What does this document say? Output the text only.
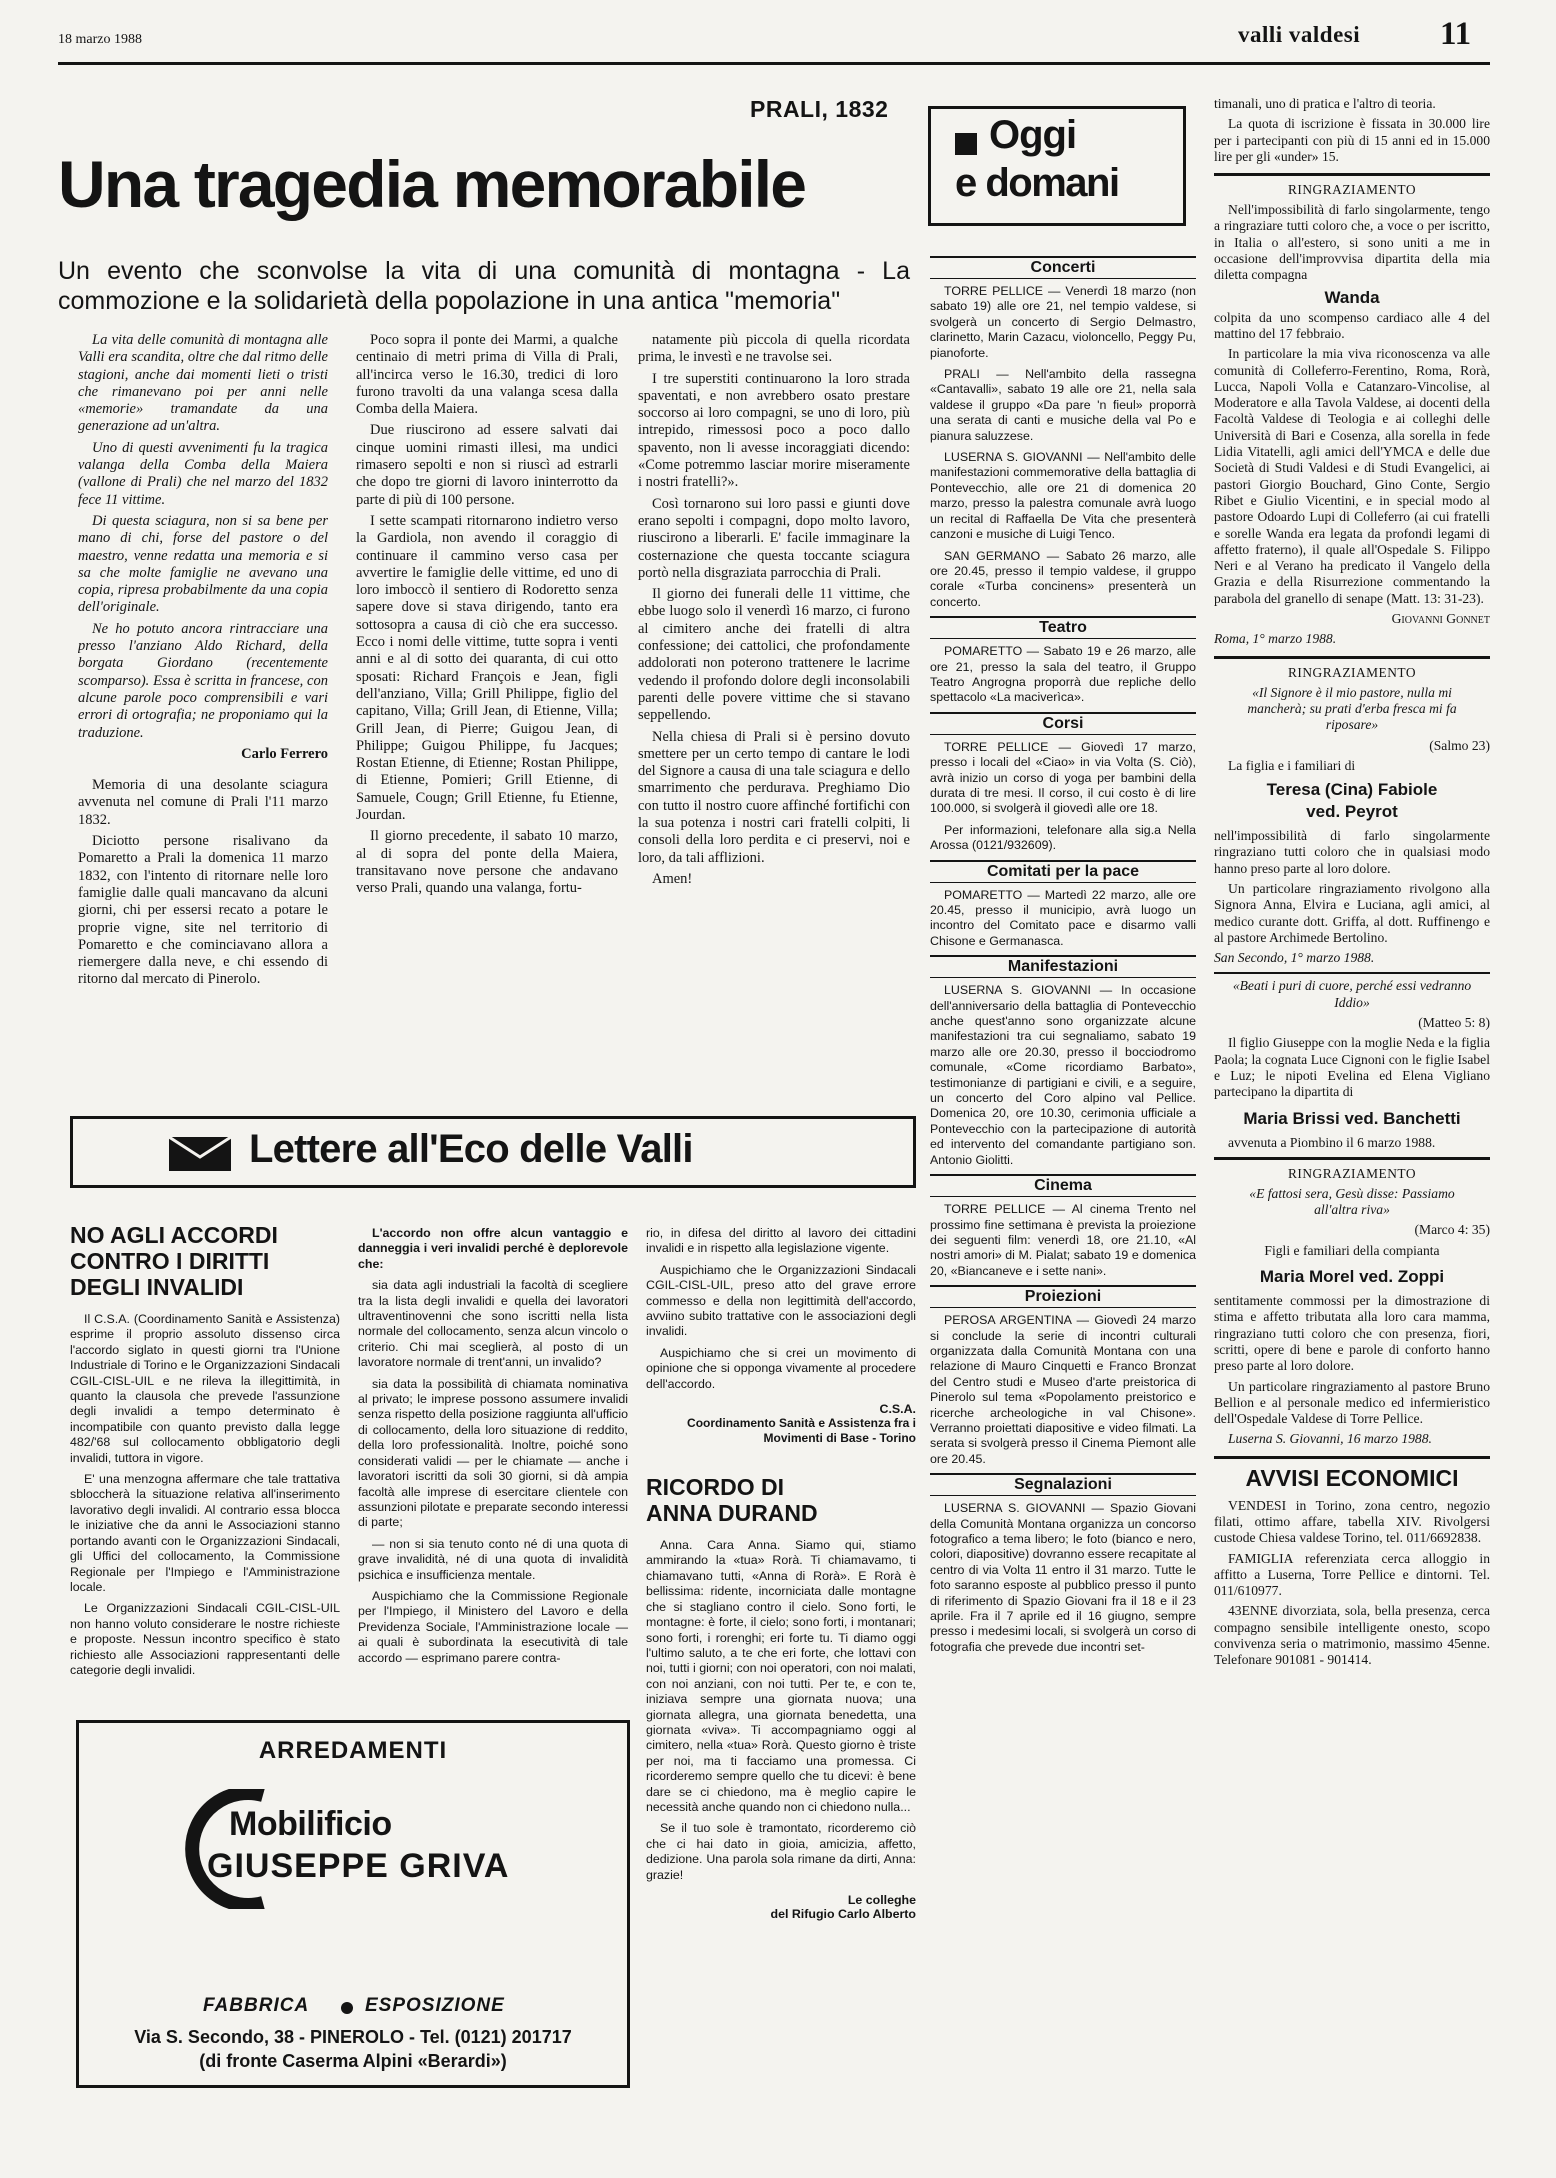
18 marzo 1988	valli valdesi 11
PRALI, 1832
Una tragedia memorabile
Un evento che sconvolse la vita di una comunità di montagna - La commozione e la solidarietà della popolazione in una antica "memoria"

La vita delle comunità di montagna alle Valli era scandita, oltre che dal ritmo delle stagioni, anche dai momenti lieti o tristi che rimanevano poi per anni nelle «memorie» tramandate da una generazione ad un'altra.

Uno di questi avvenimenti fu la tragica valanga della Comba della Maiera (vallone di Prali) che nel marzo del 1832 fece 11 vittime.

Di questa sciagura, non si sa bene per mano di chi, forse del pastore o del maestro, venne redatta una memoria e si sa che molte famiglie ne avevano una copia, ripresa probabilmente da una copia dell'originale.

Ne ho potuto ancora rintracciare una presso l'anziano Aldo Richard, della borgata Giordano (recentemente scomparso). Essa è scritta in francese, con alcune parole poco comprensibili e vari errori di ortografia; ne proponiamo qui la traduzione.

Carlo Ferrero

Memoria di una desolante sciagura avvenuta nel comune di Prali l'11 marzo 1832.

Diciotto persone risalivano da Pomaretto a Prali la domenica 11 marzo 1832, con l'intento di ritornare nelle loro famiglie dalle quali mancavano da alcuni giorni, chi per essersi recato a potare le proprie vigne, site nel territorio di Pomaretto e che cominciavano allora a riemergere dalla neve, e chi essendo di ritorno dal mercato di Pinerolo.

Poco sopra il ponte dei Marmi, a qualche centinaio di metri prima di Villa di Prali, all'incirca verso le 16.30, tredici di loro furono travolti da una valanga scesa dalla Comba della Maiera.

Due riuscirono ad essere salvati dai cinque uomini rimasti illesi, ma undici rimasero sepolti e non si riuscì ad estrarli che dopo tre giorni di lavoro ininterrotto da parte di più di 100 persone.

I sette scampati ritornarono indietro verso la Gardiola, non avendo il coraggio di continuare il cammino verso casa per avvertire le famiglie delle vittime, ed uno di loro imboccò il sentiero di Rodoretto senza sapere dove si stava dirigendo, tanto era sottosopra a causa di ciò che era successo. Ecco i nomi delle vittime, tutte sopra i venti anni e al di sotto dei quaranta, di cui otto sposati: Richard François e Jean, figli dell'anziano, Villa; Grill Philippe, figlio del capitano, Villa; Grill Jean, di Etienne, Villa; Grill Jean, di Pierre; Guigou Jean, di Philippe; Guigou Philippe, fu Jacques; Rostan Etienne, di Etienne; Rostan Philippe, di Etienne, Pomieri; Grill Etienne, di Samuele, Cougn; Grill Etienne, fu Etienne, Jourdan.

Il giorno precedente, il sabato 10 marzo, al di sopra del ponte della Maiera, transitavano nove persone che andavano verso Prali, quando una valanga, fortu-

natamente più piccola di quella ricordata prima, le investì e ne travolse sei.

I tre superstiti continuarono la loro strada spaventati, e non avrebbero osato prestare soccorso ai loro compagni, se uno di loro, più intrepido, rimessosi poco a poco dallo spavento, non li avesse incoraggiati dicendo: «Come potremmo lasciar morire miseramente i nostri fratelli?».

Così tornarono sui loro passi e giunti dove erano sepolti i compagni, dopo molto lavoro, riuscirono a liberarli. E' facile immaginare la costernazione che questa toccante sciagura portò nella disgraziata parrocchia di Prali.

Il giorno dei funerali delle 11 vittime, che ebbe luogo solo il venerdì 16 marzo, ci furono al cimitero anche dei fratelli di altra confessione; dei cattolici, che profondamente addolorati non poterono trattenere le lacrime vedendo il profondo dolore degli inconsolabili parenti delle povere vittime che si stavano seppellendo.

Nella chiesa di Prali si è persino dovuto smettere per un certo tempo di cantare le lodi del Signore a causa di una tale sciagura e dello smarrimento che perdurava. Preghiamo Dio con tutto il nostro cuore affinché fortifichi con la sua potenza i nostri cari fratelli colpiti, li consoli della loro perdita e ci preservi, noi e loro, da tali afflizioni.

Amen!

Oggi
e domani
Concerti

TORRE PELLICE — Venerdì 18 marzo (non sabato 19) alle ore 21, nel tempio valdese, si svolgerà un concerto di Sergio Delmastro, clarinetto, Marin Cazacu, violoncello, Peggy Pu, pianoforte.

PRALI — Nell'ambito della rassegna «Cantavalli», sabato 19 alle ore 21, nella sala valdese il gruppo «Da pare 'n fieul» proporrà una serata di canti e musiche della val Po e pianura saluzzese.

LUSERNA S. GIOVANNI — Nell'ambito delle manifestazioni commemorative della battaglia di Pontevecchio, alle ore 21 di domenica 20 marzo, presso la palestra comunale avrà luogo un recital di Raffaella De Vita che presenterà canzoni e musiche di Luigi Tenco.

SAN GERMANO — Sabato 26 marzo, alle ore 20.45, presso il tempio valdese, il gruppo corale «Turba concinens» presenterà un concerto.

Teatro

POMARETTO — Sabato 19 e 26 marzo, alle ore 21, presso la sala del teatro, il Gruppo Teatro Angrogna proporrà due repliche dello spettacolo «La maciverìca».

Corsi

TORRE PELLICE — Giovedì 17 marzo, presso i locali del «Ciao» in via Volta (S. Ciò), avrà inizio un corso di yoga per bambini della durata di tre mesi. Il corso, il cui costo è di lire 100.000, si svolgerà il giovedì alle ore 18.

Per informazioni, telefonare alla sig.a Nella Arossa (0121/932609).

Comitati per la pace

POMARETTO — Martedì 22 marzo, alle ore 20.45, presso il municipio, avrà luogo un incontro del Comitato pace e disarmo valli Chisone e Germanasca.

Manifestazioni

LUSERNA S. GIOVANNI — In occasione dell'anniversario della battaglia di Pontevecchio anche quest'anno sono organizzate alcune manifestazioni tra cui segnaliamo, sabato 19 marzo alle ore 20.30, presso il bocciodromo comunale, «Come ricordiamo Barbato», testimonianze di partigiani e civili, e a seguire, un concerto del Coro alpino val Pellice. Domenica 20, ore 10.30, cerimonia ufficiale a Pontevecchio con la partecipazione di autorità ed intervento del comandante partigiano son. Antonio Giolitti.

Cinema

TORRE PELLICE — Al cinema Trento nel prossimo fine settimana è prevista la proiezione dei seguenti film: venerdì 18, ore 21.10, «Al nostri amori» di M. Pialat; sabato 19 e domenica 20, «Biancaneve e i sette nani».

Proiezioni

PEROSA ARGENTINA — Giovedì 24 marzo si conclude la serie di incontri culturali organizzata dalla Comunità Montana con una relazione di Mauro Cinquetti e Franco Bronzat del Centro studi e Museo d'arte preistorica di Pinerolo sul tema «Popolamento preistorico e ricerche archeologiche in val Chisone». Verranno proiettati diapositive e video filmati. La serata si svolgerà presso il Cinema Piemont alle ore 20.45.

Segnalazioni

LUSERNA S. GIOVANNI — Spazio Giovani della Comunità Montana organizza un concorso fotografico a tema libero; le foto (bianco e nero, colori, diapositive) dovranno essere recapitate al centro di via Volta 11 entro il 31 marzo. Tutte le foto saranno esposte al pubblico presso il punto di riferimento di Spazio Giovani fra il 18 e il 23 aprile. Fra il 7 aprile ed il 16 giugno, sempre presso i medesimi locali, si svolgerà un corso di fotografia che prevede due incontri set-

timanali, uno di pratica e l'altro di teoria.

La quota di iscrizione è fissata in 30.000 lire per i partecipanti con più di 15 anni ed in 15.000 lire per gli «under» 15.

RINGRAZIAMENTO

Nell'impossibilità di farlo singolarmente, tengo a ringraziare tutti coloro che, a voce o per iscritto, in Italia o all'estero, si sono uniti a me in occasione dell'improvvisa dipartita della mia diletta compagna

Wanda

colpita da uno scompenso cardiaco alle 4 del mattino del 17 febbraio.

In particolare la mia viva riconoscenza va alle comunità di Colleferro-Ferentino, Roma, Rorà, Lucca, Napoli Volla e Catanzaro-Vincolise, al Moderatore e alla Tavola Valdese, ai docenti della Facoltà Valdese di Teologia e ai colleghi delle Università di Bari e Cosenza, alla sorella in fede Lidia Vitatelli, agli amici dell'YMCA e delle due Società di Studi Valdesi e di Studi Evangelici, ai pastori Giorgio Bouchard, Gino Conte, Sergio Ribet e Giulio Vicentini, e in special modo al pastore Odoardo Lupi di Colleferro (ai cui fratelli e sorelle Wanda era legata da profondi legami di affetto fraterno), il quale all'Ospedale S. Filippo Neri e al Verano ha predicato il Vangelo della Grazia e della Risurrezione commentando la parabola del granello di senape (Matt. 13: 31-23).

Giovanni Gonnet
Roma, 1° marzo 1988.
RINGRAZIAMENTO
«Il Signore è il mio pastore, nulla mi mancherà; su prati d'erba fresca mi fa riposare»
(Salmo 23)

La figlia e i familiari di

Teresa (Cina) Fabiole
ved. Peyrot

nell'impossibilità di farlo singolarmente ringraziano tutti coloro che in qualsiasi modo hanno preso parte al loro dolore.

Un particolare ringraziamento rivolgono alla Signora Anna, Elvira e Luciana, agli amici, al medico curante dott. Griffa, al dott. Ruffinengo e al pastore Archimede Bertolino.

San Secondo, 1° marzo 1988.
«Beati i puri di cuore, perché essi vedranno Iddio»
(Matteo 5: 8)

Il figlio Giuseppe con la moglie Neda e la figlia Paola; la cognata Luce Cignoni con le figlie Isabel e Luz; le nipoti Evelina ed Elena Vigliano partecipano la dipartita di

Maria Brissi ved. Banchetti

avvenuta a Piombino il 6 marzo 1988.

RINGRAZIAMENTO
«E fattosi sera, Gesù disse: Passiamo all'altra riva»
(Marco 4: 35)
Figli e familiari della compianta
Maria Morel ved. Zoppi

sentitamente commossi per la dimostrazione di stima e affetto tributata alla loro cara mamma, ringraziano tutti coloro che con presenza, fiori, scritti, opere di bene e parole di conforto hanno preso parte al loro dolore.

Un particolare ringraziamento al pastore Bruno Bellion e al personale medico ed infermieristico dell'Ospedale Valdese di Torre Pellice.

Luserna S. Giovanni, 16 marzo 1988.
AVVISI ECONOMICI

VENDESI in Torino, zona centro, negozio filati, ottimo affare, tabella XIV. Rivolgersi custode Chiesa valdese Torino, tel. 011/6692838.

FAMIGLIA referenziata cerca alloggio in affitto a Luserna, Torre Pellice e dintorni. Tel. 011/610977.

43ENNE divorziata, sola, bella presenza, cerca compagno sensibile intelligente onesto, scopo convivenza seria o matrimonio, massimo 45enne. Telefonare 901081 - 901414.

Lettere all'Eco delle Valli
NO AGLI ACCORDI CONTRO I DIRITTI DEGLI INVALIDI

Il C.S.A. (Coordinamento Sanità e Assistenza) esprime il proprio assoluto dissenso circa l'accordo siglato in questi giorni tra l'Unione Industriale di Torino e le Organizzazioni Sindacali CGIL-CISL-UIL e ne rileva la illegittimità, in quanto la clausola che prevede l'assunzione degli invalidi a tempo determinato è incompatibile con quanto previsto dalla legge 482/'68 sul collocamento obbligatorio degli invalidi, tuttora in vigore.

E' una menzogna affermare che tale trattativa sbloccherà la situazione relativa all'inserimento lavorativo degli invalidi. Al contrario essa blocca le iniziative che da anni le Associazioni stanno portando avanti con le Organizzazioni Sindacali, gli Uffici del collocamento, la Commissione Regionale per l'Impiego e l'Amministrazione locale.

Le Organizzazioni Sindacali CGIL-CISL-UIL non hanno voluto considerare le nostre richieste e proposte. Nessun incontro specifico è stato richiesto alle Associazioni rappresentanti delle categorie degli invalidi.

L'accordo non offre alcun vantaggio e danneggia i veri invalidi perché è deplorevole che:

sia data agli industriali la facoltà di scegliere tra la lista degli invalidi e quella dei lavoratori ultraventinovenni che sono iscritti nella lista normale del collocamento, senza alcun vincolo o criterio. Chi mai sceglierà, al posto di un lavoratore normale di trent'anni, un invalido?

sia data la possibilità di chiamata nominativa al privato; le imprese possono assumere invalidi senza rispetto della posizione raggiunta all'ufficio di collocamento, della loro situazione di reddito, della loro professionalità. Inoltre, poiché sono considerati validi — per le chiamate — anche i lavoratori iscritti da soli 30 giorni, si dà ampia facoltà alle imprese di esercitare clientele con assunzioni pilotate e preparate secondo interessi di parte;

— non si sia tenuto conto né di una quota di grave invalidità, né di una quota di invalidità psichica e insufficienza mentale.

Auspichiamo che la Commissione Regionale per l'Impiego, il Ministero del Lavoro e della Previdenza Sociale, l'Amministrazione locale — ai quali è subordinata la esecutività di tale accordo — esprimano parere contra-

rio, in difesa del diritto al lavoro dei cittadini invalidi e in rispetto alla legislazione vigente.

Auspichiamo che le Organizzazioni Sindacali CGIL-CISL-UIL, preso atto del grave errore commesso e della non legittimità dell'accordo, avviino subito trattative con le associazioni degli invalidi.

Auspichiamo che si crei un movimento di opinione che si opponga vivamente al procedere dell'accordo.

C.S.A.
Coordinamento Sanità e Assistenza fra i Movimenti di Base - Torino
RICORDO DI ANNA DURAND

Anna. Cara Anna. Siamo qui, stiamo ammirando la «tua» Rorà. Ti chiamavamo, ti chiamavano tutti, «Anna di Rorà». E Rorà è bellissima: ridente, incorniciata dalle montagne che si stagliano contro il cielo. Sono forti, le montagne: è forte, il cielo; sono forti, i montanari; sono forti, i rorenghi; eri forte tu. Ti diamo oggi l'ultimo saluto, a te che eri forte, che lottavi con noi, tutti i giorni; con noi operatori, con noi malati, con noi anziani, con noi tutti. Per te, e con te, iniziava sempre una giornata nuova; una giornata allegra, una giornata benedetta, una giornata «viva». Ti accompagniamo oggi al cimitero, nella «tua» Rorà. Questo giorno è triste per noi, ma ti facciamo una promessa. Ci ricorderemo sempre quello che tu dicevi: è bene dare se ci chiedono, ma è meglio capire le necessità anche quando non ci chiedono nulla...

Se il tuo sole è tramontato, ricorderemo ciò che ci hai dato in gioia, amicizia, affetto, dedizione. Una parola sola rimane da dirti, Anna: grazie!

Le colleghe
del Rifugio Carlo Alberto
ARREDAMENTI
Mobilificio
GIUSEPPE GRIVA
FABBRICA	ESPOSIZIONE
Via S. Secondo, 38 - PINEROLO - Tel. (0121) 201717
(di fronte Caserma Alpini «Berardi»)
